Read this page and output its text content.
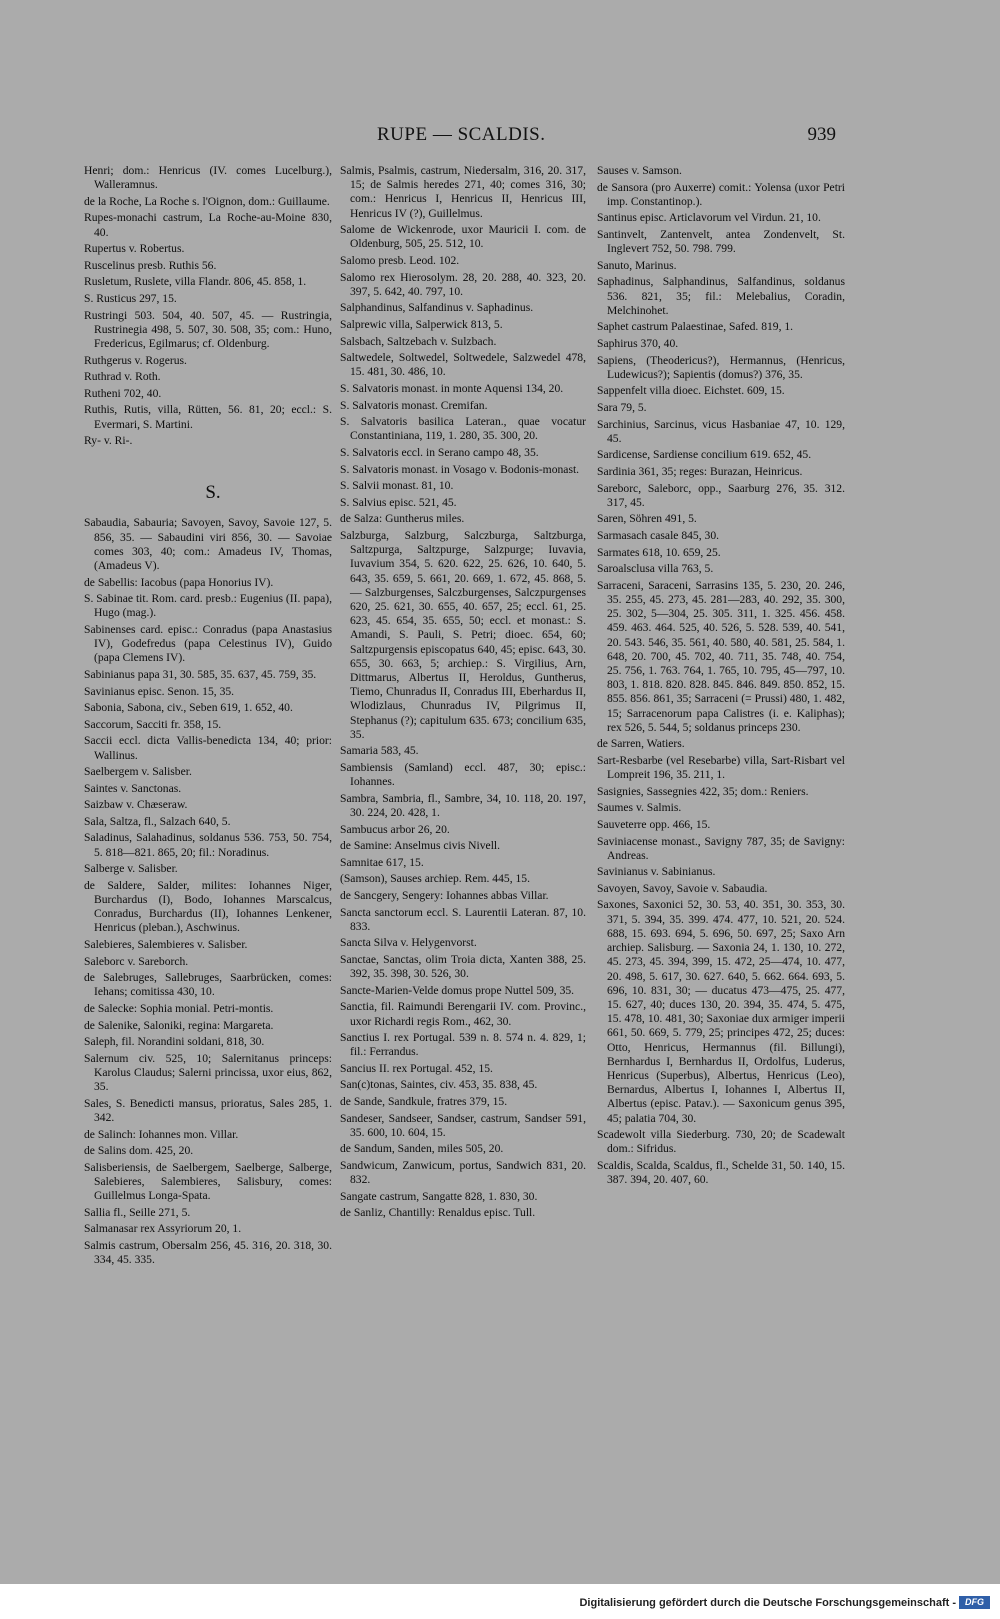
RUPE — SCALDIS.	939
Henri; dom.: Henricus (IV. comes Lucelburg.), Walleramnus.
de la Roche, La Roche s. l'Oignon, dom.: Guillaume.
Rupes-monachi castrum, La Roche-au-Moine 830, 40.
Rupertus v. Robertus.
Ruscelinus presb. Ruthis 56.
Rusletum, Ruslete, villa Flandr. 806, 45. 858, 1.
S. Rusticus 297, 15.
Rustringi 503. 504, 40. 507, 45. — Rustringia, Rustrinegia 498, 5. 507, 30. 508, 35; com.: Huno, Fredericus, Egilmarus; cf. Oldenburg.
Ruthgerus v. Rogerus.
Ruthrad v. Roth.
Rutheni 702, 40.
Ruthis, Rutis, villa, Rütten, 56. 81, 20; eccl.: S. Evermari, S. Martini.
Ry- v. Ri-.
S.
Sabaudia, Sabauria; Savoyen, Savoy, Savoie 127, 5. 856, 35. — Sabaudini viri 856, 30. — Savoiae comes 303, 40; com.: Amadeus IV, Thomas, (Amadeus V).
de Sabellis: Iacobus (papa Honorius IV).
S. Sabinae tit. Rom. card. presb.: Eugenius (II. papa), Hugo (mag.).
Sabinenses card. episc.: Conradus (papa Anastasius IV), Godefredus (papa Celestinus IV), Guido (papa Clemens IV).
Sabinianus papa 31, 30. 585, 35. 637, 45. 759, 35.
Savinianus episc. Senon. 15, 35.
Sabonia, Sabona, civ., Seben 619, 1. 652, 40.
Saccorum, Sacciti fr. 358, 15.
Saccii eccl. dicta Vallis-benedicta 134, 40; prior: Wallinus.
Saelbergem v. Salisber.
Saintes v. Sanctonas.
Saizbaw v. Chæseraw.
Sala, Saltza, fl., Salzach 640, 5.
Saladinus, Salahadinus, soldanus 536. 753, 50. 754, 5. 818—821. 865, 20; fil.: Noradinus.
Salberge v. Salisber.
de Saldere, Salder, milites: Iohannes Niger, Burchardus (I), Bodo, Iohannes Marscalcus, Conradus, Burchardus (II), Iohannes Lenkener, Henricus (pleban.), Aschwinus.
Salebieres, Salembieres v. Salisber.
Saleborc v. Sareborch.
de Salebruges, Sallebruges, Saarbrücken, comes: Iehans; comitissa 430, 10.
de Salecke: Sophia monial. Petri-montis.
de Salenike, Saloniki, regina: Margareta.
Saleph, fil. Norandini soldani, 818, 30.
Salernum civ. 525, 10; Salernitanus princeps: Karolus Claudus; Salerni princissa, uxor eius, 862, 35.
Sales, S. Benedicti mansus, prioratus, Sales 285, 1. 342.
de Salinch: Iohannes mon. Villar.
de Salins dom. 425, 20.
Salisberiensis, de Saelbergem, Saelberge, Salberge, Salebieres, Salembieres, Salisbury, comes: Guillelmus Longa-Spata.
Sallia fl., Seille 271, 5.
Salmanasar rex Assyriorum 20, 1.
Salmis castrum, Obersalm 256, 45. 316, 20. 318, 30. 334, 45. 335.
Salmis, Psalmis, castrum, Niedersalm, 316, 20. 317, 15; de Salmis heredes 271, 40; comes 316, 30; com.: Henricus I, Henricus II, Henricus III, Henricus IV (?), Guillelmus.
Salome de Wickenrode, uxor Mauricii I. com. de Oldenburg, 505, 25. 512, 10.
Salomo presb. Leod. 102.
Salomo rex Hierosolym. 28, 20. 288, 40. 323, 20. 397, 5. 642, 40. 797, 10.
Salphandinus, Salfandinus v. Saphadinus.
Salprewic villa, Salperwick 813, 5.
Salsbach, Saltzebach v. Sulzbach.
Saltwedele, Soltwedel, Soltwedele, Salzwedel 478, 15. 481, 30. 486, 10.
S. Salvatoris monast. in monte Aquensi 134, 20.
S. Salvatoris monast. Cremifan.
S. Salvatoris basilica Lateran., quae vocatur Constantiniana, 119, 1. 280, 35. 300, 20.
S. Salvatoris eccl. in Serano campo 48, 35.
S. Salvatoris monast. in Vosago v. Bodonis-monast.
S. Salvii monast. 81, 10.
S. Salvius episc. 521, 45.
de Salza: Guntherus miles.
Salzburga, Salzburg, Salczburga, Saltzburga, Saltzpurga, Saltzpurge, Salzpurge; Iuvavia, Iuvavium 354, 5. 620. 622, 25. 626, 10. 640, 5. 643, 35. 659, 5. 661, 20. 669, 1. 672, 45. 868, 5. — Salzburgenses, Salczburgenses, Salczpurgenses 620, 25. 621, 30. 655, 40. 657, 25; eccl. 61, 25. 623, 45. 654, 35. 655, 50; eccl. et monast.: S. Amandi, S. Pauli, S. Petri; dioec. 654, 60; Saltzpurgensis episcopatus 640, 45; episc. 643, 30. 655, 30. 663, 5; archiep.: S. Virgilius, Arn, Dittmarus, Albertus II, Heroldus, Guntherus, Tiemo, Chunradus II, Conradus III, Eberhardus II, Wlodizlaus, Chunradus IV, Pilgrimus II, Stephanus (?); capitulum 635. 673; concilium 635, 35.
Samaria 583, 45.
Sambiensis (Samland) eccl. 487, 30; episc.: Iohannes.
Sambra, Sambria, fl., Sambre, 34, 10. 118, 20. 197, 30. 224, 20. 428, 1.
Sambucus arbor 26, 20.
de Samine: Anselmus civis Nivell.
Samnitae 617, 15.
(Samson), Sauses archiep. Rem. 445, 15.
de Sancgery, Sengery: Iohannes abbas Villar.
Sancta sanctorum eccl. S. Laurentii Lateran. 87, 10. 833.
Sancta Silva v. Helygenvorst.
Sanctae, Sanctas, olim Troia dicta, Xanten 388, 25. 392, 35. 398, 30. 526, 30.
Sancte-Marien-Velde domus prope Nuttel 509, 35.
Sanctia, fil. Raimundi Berengarii IV. com. Provinc., uxor Richardi regis Rom., 462, 30.
Sanctius I. rex Portugal. 539 n. 8. 574 n. 4. 829, 1; fil.: Ferrandus.
Sancius II. rex Portugal. 452, 15.
San(c)tonas, Saintes, civ. 453, 35. 838, 45.
de Sande, Sandkule, fratres 379, 15.
Sandeser, Sandseer, Sandser, castrum, Sandser 591, 35. 600, 10. 604, 15.
de Sandum, Sanden, miles 505, 20.
Sandwicum, Zanwicum, portus, Sandwich 831, 20. 832.
Sangate castrum, Sangatte 828, 1. 830, 30.
de Sanliz, Chantilly: Renaldus episc. Tull.
Sauses v. Samson.
de Sansora (pro Auxerre) comit.: Yolensa (uxor Petri imp. Constantinop.).
Santinus episc. Articlavorum vel Virdun. 21, 10.
Santinvelt, Zantenvelt, antea Zondenvelt, St. Inglevert 752, 50. 798. 799.
Sanuto, Marinus.
Saphadinus, Salphandinus, Salfandinus, soldanus 536. 821, 35; fil.: Melebalius, Coradin, Melchinohet.
Saphet castrum Palaestinae, Safed. 819, 1.
Saphirus 370, 40.
Sapiens, (Theodericus?), Hermannus, (Henricus, Ludewicus?); Sapientis (domus?) 376, 35.
Sappenfelt villa dioec. Eichstet. 609, 15.
Sara 79, 5.
Sarchinius, Sarcinus, vicus Hasbaniae 47, 10. 129, 45.
Sardicense, Sardiense concilium 619. 652, 45.
Sardinia 361, 35; reges: Burazan, Heinricus.
Sareborc, Saleborc, opp., Saarburg 276, 35. 312. 317, 45.
Saren, Söhren 491, 5.
Sarmasach casale 845, 30.
Sarmates 618, 10. 659, 25.
Saroalsclusa villa 763, 5.
Sarraceni, Saraceni, Sarrasins 135, 5. 230, 20. 246, 35. 255, 45. 273, 45. 281—283, 40. 292, 35. 300, 25. 302, 5—304, 25. 305. 311, 1. 325. 456. 458. 459. 463. 464. 525, 40. 526, 5. 528. 539, 40. 541, 20. 543. 546, 35. 561, 40. 580, 40. 581, 25. 584, 1. 648, 20. 700, 45. 702, 40. 711, 35. 748, 40. 754, 25. 756, 1. 763. 764, 1. 765, 10. 795, 45—797, 10. 803, 1. 818. 820. 828. 845. 846. 849. 850. 852, 15. 855. 856. 861, 35; Sarraceni (= Prussi) 480, 1. 482, 15; Sarracenorum papa Calistres (i. e. Kaliphas); rex 526, 5. 544, 5; soldanus princeps 230.
de Sarren, Watiers.
Sart-Resbarbe (vel Resebarbe) villa, Sart-Risbart vel Lompreit 196, 35. 211, 1.
Sasignies, Sassegnies 422, 35; dom.: Reniers.
Saumes v. Salmis.
Sauveterre opp. 466, 15.
Saviniacense monast., Savigny 787, 35; de Savigny: Andreas.
Savinianus v. Sabinianus.
Savoyen, Savoy, Savoie v. Sabaudia.
Saxones, Saxonici 52, 30. 53, 40. 351, 30. 353, 30. 371, 5. 394, 35. 399. 474. 477, 10. 521, 20. 524. 688, 15. 693. 694, 5. 696, 50. 697, 25; Saxo Arn archiep. Salisburg. — Saxonia 24, 1. 130, 10. 272, 45. 273, 45. 394, 399, 15. 472, 25—474, 10. 477, 20. 498, 5. 617, 30. 627. 640, 5. 662. 664. 693, 5. 696, 10. 831, 30; — ducatus 473—475, 25. 477, 15. 627, 40; duces 130, 20. 394, 35. 474, 5. 475, 15. 478, 10. 481, 30; Saxoniae dux armiger imperii 661, 50. 669, 5. 779, 25; principes 472, 25; duces: Otto, Henricus, Hermannus (fil. Billungi), Bernhardus I, Bernhardus II, Ordolfus, Luderus, Henricus (Superbus), Albertus, Henricus (Leo), Bernardus, Albertus I, Iohannes I, Albertus II, Albertus (episc. Patav.). — Saxonicum genus 395, 45; palatia 704, 30.
Scadewolt villa Siederburg. 730, 20; de Scadewalt dom.: Sifridus.
Scaldis, Scalda, Scaldus, fl., Schelde 31, 50. 140, 15. 387. 394, 20. 407, 60.
Digitalisierung gefördert durch die Deutsche Forschungsgemeinschaft -	DFG
